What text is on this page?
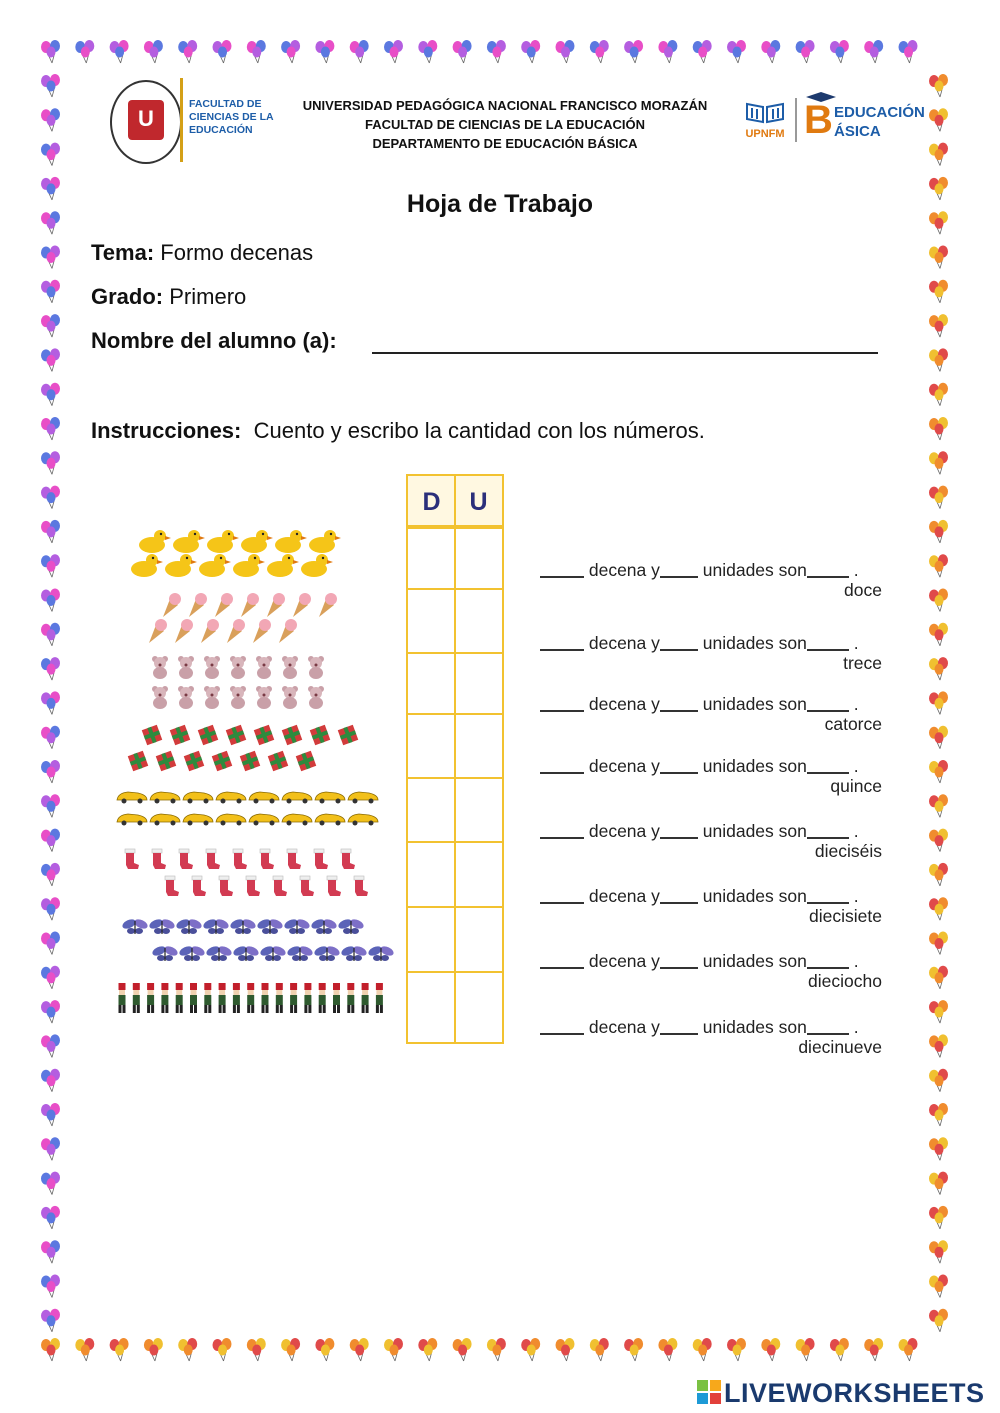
U
FACULTAD DE CIENCIAS DE LA EDUCACIÓN
UNIVERSIDAD PEDAGÓGICA NACIONAL FRANCISCO MORAZÁN
FACULTAD DE CIENCIAS DE LA EDUCACIÓN
DEPARTAMENTO DE EDUCACIÓN BÁSICA
UPNFM B EDUCACIÓN
ÁSICA
Hoja de Trabajo
Tema: Formo decenas
Grado: Primero
Nombre del alumno (a):
Instrucciones: Cuento y escribo la cantidad con los números.
D	U
decena y unidades son .
doce
decena y unidades son .
trece
decena y unidades son .
catorce
decena y unidades son .
quince
decena y unidades son .
dieciséis
decena y unidades son .
diecisiete
decena y unidades son .
dieciocho
decena y unidades son .
diecinueve
LIVEWORKSHEETS
